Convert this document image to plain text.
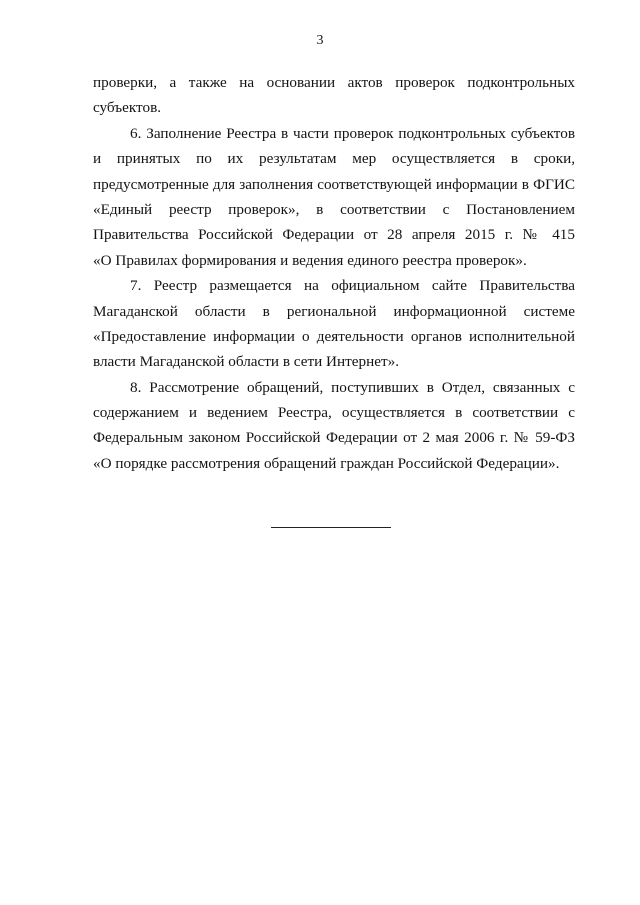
3
проверки, а также на основании актов проверок подконтрольных
субъектов.
6. Заполнение Реестра в части проверок подконтрольных субъектов
и принятых по их результатам мер осуществляется в сроки,
предусмотренные для заполнения соответствующей информации в ФГИС
«Единый реестр проверок», в соответствии с Постановлением
Правительства Российской Федерации от 28 апреля 2015 г. № 415
«О Правилах формирования и ведения единого реестра проверок».
7. Реестр размещается на официальном сайте Правительства
Магаданской области в региональной информационной системе
«Предоставление информации о деятельности органов исполнительной
власти Магаданской области в сети Интернет».
8. Рассмотрение обращений, поступивших в Отдел, связанных с
содержанием и ведением Реестра, осуществляется в соответствии с
Федеральным законом Российской Федерации от 2 мая 2006 г. № 59-ФЗ
«О порядке рассмотрения обращений граждан Российской Федерации».
